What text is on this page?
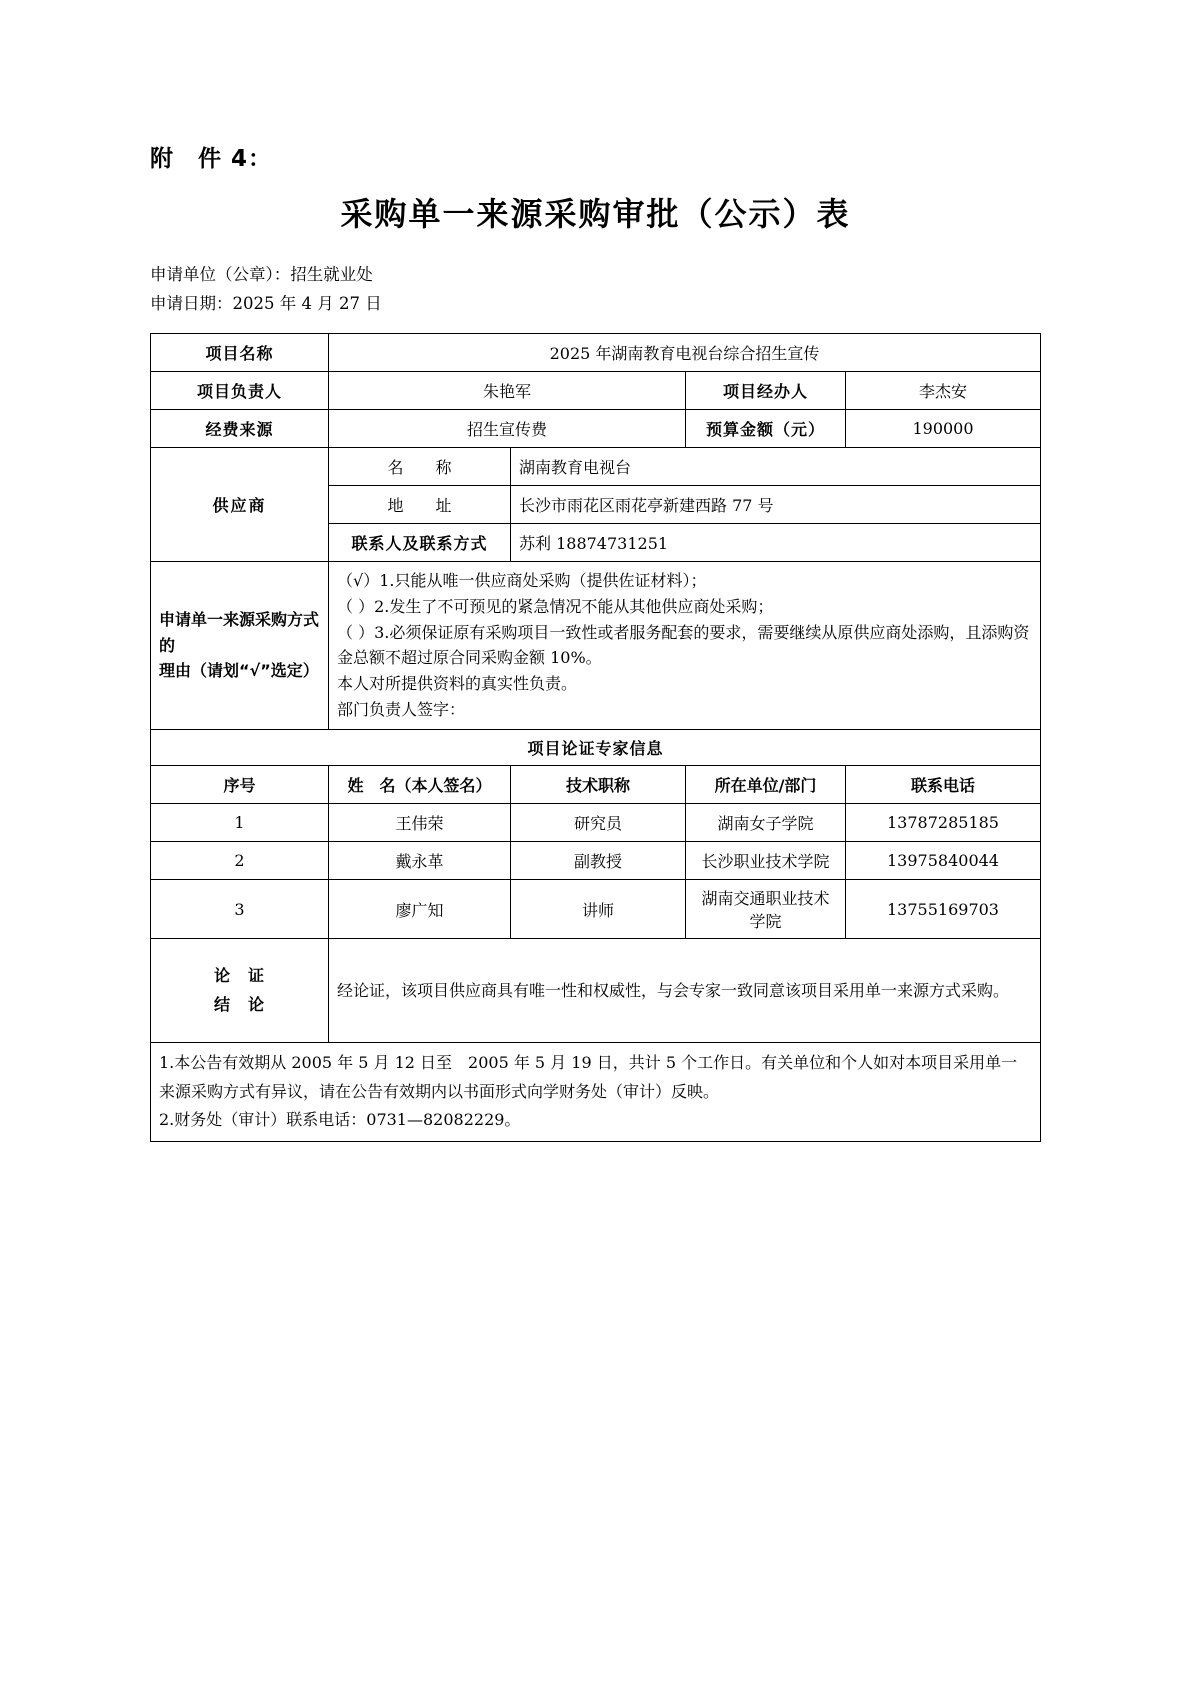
附　件 4：
采购单一来源采购审批（公示）表

申请单位（公章）：招生就业处

申请日期：2025 年 4 月 27 日

项目名称	2025 年湖南教育电视台综合招生宣传			
项目负责人	朱艳军		项目经办人	李杰安
经费来源	招生宣传费		预算金额（元）	190000
供应商	名　　称	湖南教育电视台		
	地　　址	长沙市雨花区雨花亭新建西路 77 号		
	联系人及联系方式	苏利 18874731251		

申请单一来源采购方式的
理由（请划“√”选定）

（√）1.只能从唯一供应商处采购（提供佐证材料）；
（ ）2.发生了不可预见的紧急情况不能从其他供应商处采购；
（ ）3.必须保证原有采购项目一致性或者服务配套的要求，需要继续从原供应商处添购，且添购资金总额不超过原合同采购金额 10%。
本人对所提供资料的真实性负责。
部门负责人签字：

项目论证专家信息				
序号	姓　名（本人签名）	技术职称	所在单位/部门	联系电话
1	王伟荣	研究员	湖南女子学院	13787285185
2	戴永革	副教授	长沙职业技术学院	13975840044
3	廖广知	讲师	湖南交通职业技术学院	13755169703

论　证
结　论	经论证，该项目供应商具有唯一性和权威性，与会专家一致同意该项目采用单一来源方式采购。			

1.本公告有效期从 2005 年 5 月 12 日至　2005 年 5 月 19 日，共计 5 个工作日。有关单位和个人如对本项目采用单一来源采购方式有异议，请在公告有效期内以书面形式向学财务处（审计）反映。
2.财务处（审计）联系电话：0731—82082229。				
